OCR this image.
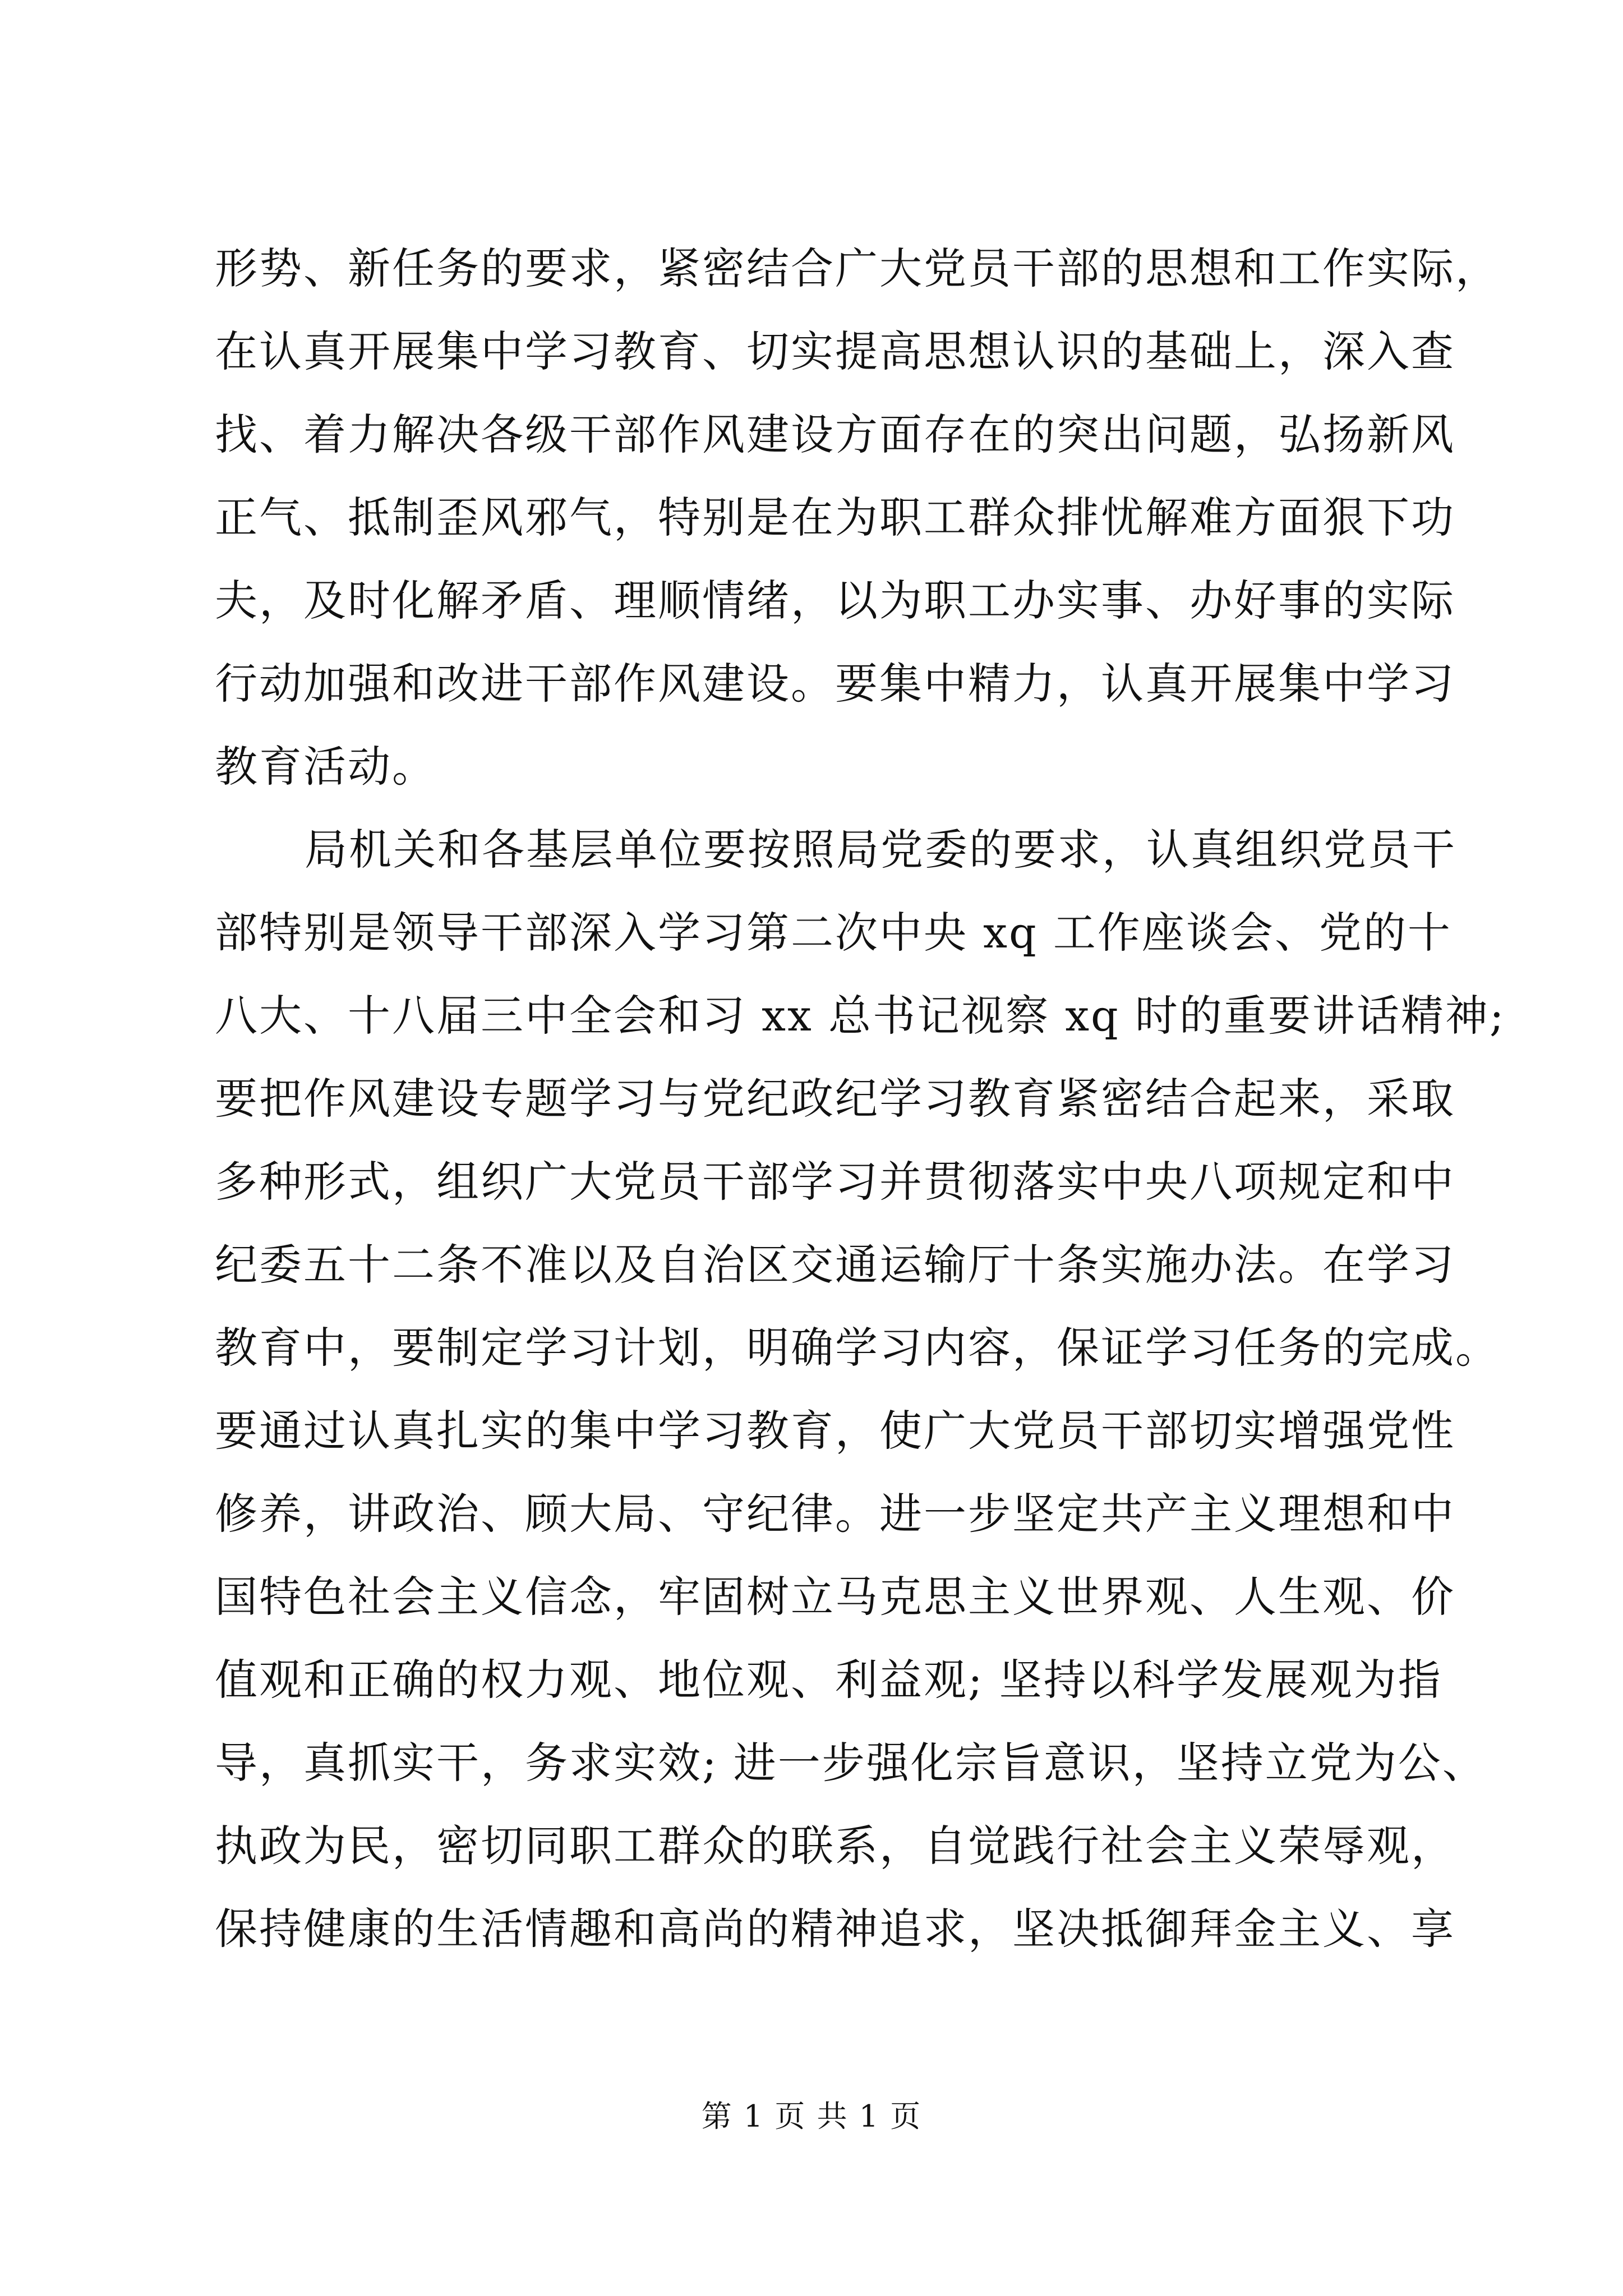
形势、新任务的要求，紧密结合广大党员干部的思想和工作实际，
在认真开展集中学习教育、切实提高思想认识的基础上，深入查
找、着力解决各级干部作风建设方面存在的突出问题，弘扬新风
正气、抵制歪风邪气，特别是在为职工群众排忧解难方面狠下功
夫，及时化解矛盾、理顺情绪，以为职工办实事、办好事的实际
行动加强和改进干部作风建设。要集中精力，认真开展集中学习
教育活动。
局机关和各基层单位要按照局党委的要求，认真组织党员干
部特别是领导干部深入学习第二次中央 xq 工作座谈会、党的十
八大、十八届三中全会和习 xx 总书记视察 xq 时的重要讲话精神;
要把作风建设专题学习与党纪政纪学习教育紧密结合起来，采取
多种形式，组织广大党员干部学习并贯彻落实中央八项规定和中
纪委五十二条不准以及自治区交通运输厅十条实施办法。在学习
教育中，要制定学习计划，明确学习内容，保证学习任务的完成。
要通过认真扎实的集中学习教育，使广大党员干部切实增强党性
修养，讲政治、顾大局、守纪律。进一步坚定共产主义理想和中
国特色社会主义信念，牢固树立马克思主义世界观、人生观、价
值观和正确的权力观、地位观、利益观; 坚持以科学发展观为指
导，真抓实干，务求实效; 进一步强化宗旨意识，坚持立党为公、
执政为民，密切同职工群众的联系，自觉践行社会主义荣辱观，
保持健康的生活情趣和高尚的精神追求，坚决抵御拜金主义、享
第 1 页 共 1 页
